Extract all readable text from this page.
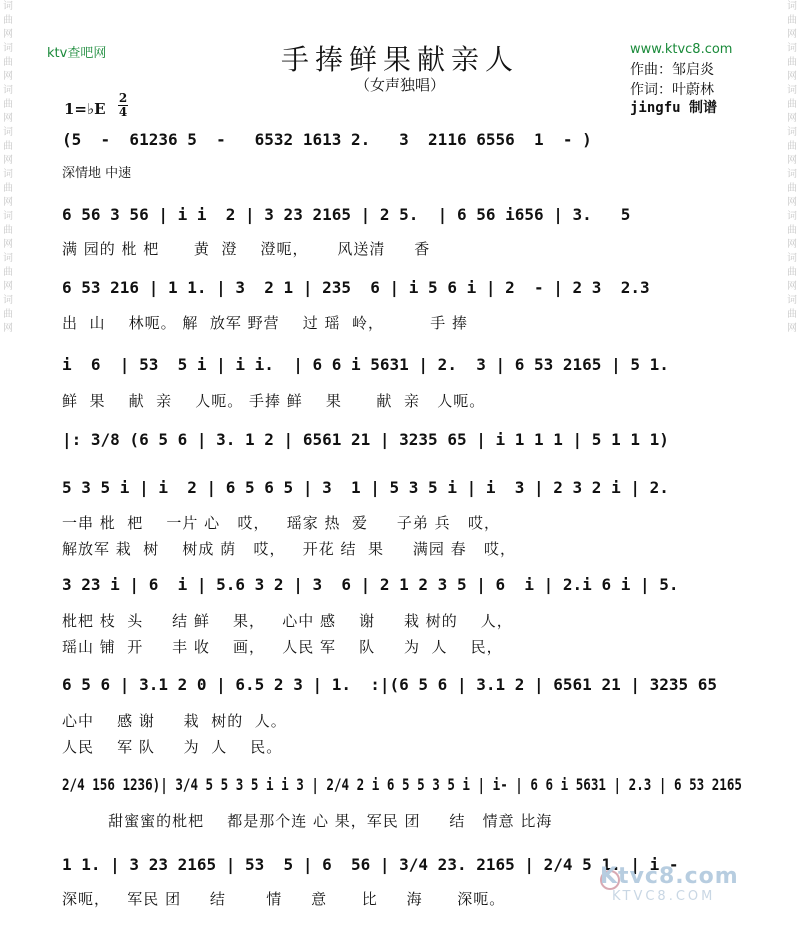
词
曲
网
词
曲
网
词
曲
网
词
曲
网
词
曲
网
词
曲
网
词
曲
网
词
曲
网
词
曲
网
词
曲
网
词
曲
网
词
曲
网
词
曲
网
词
曲
网
词
曲
网
词
曲
网
ktv查吧网	www.ktvc8.com
手捧鲜果献亲人
（女声独唱）
作曲：邹启炎
作词：叶蔚林
jingfu 制谱
1=♭E
2
4
深情地 中速
(5  -  61236 5  -   6532 1613 2.   3  2116 6556  1  - )
6 56 3 56 | i i  2 | 3 23 2165 | 2 5.  | 6 56 i656 | 3.   5
满 园的 枇 杷      黄  澄    澄呃，     风送清     香
6 53 216 | 1 1. | 3  2 1 | 235  6 | i 5 6 i | 2  - | 2 3  2.3
出  山    林呃。 解  放军 野营    过 瑶  岭，        手 捧
i  6  | 53  5 i | i i.  | 6 6 i 5631 | 2.  3 | 6 53 2165 | 5 1.
鲜  果    献  亲    人呃。 手捧 鲜    果      献  亲   人呃。
|: 3/8 (6 5 6 | 3. 1 2 | 6561 21 | 3235 65 | i 1 1 1 | 5 1 1 1)
5 3 5 i | i  2 | 6 5 6 5 | 3  1 | 5 3 5 i | i  3 | 2 3 2 i | 2.
一串 枇  杷    一片 心   哎，   瑶家 热  爱     子弟 兵   哎，
解放军 栽  树    树成 荫   哎，   开花 结  果     满园 春   哎，
3 23 i | 6  i | 5.6 3 2 | 3  6 | 2 1 2 3 5 | 6  i | 2.i 6 i | 5.
枇杷 枝  头     结 鲜    果，   心中 感    谢     栽 树的    人，
瑶山 铺  开     丰 收    画，   人民 军    队     为  人    民，
6 5 6 | 3.1 2 0 | 6.5 2 3 | 1.  :|(6 5 6 | 3.1 2 | 6561 21 | 3235 65
心中    感 谢     栽  树的  人。
人民    军 队     为  人    民。
2/4 156 1236)| 3/4 5 5 3 5 i i 3 | 2/4 2 i 6 5 5 3 5 i | i- | 6 6 i 5631 | 2.3 | 6 53 2165
甜蜜蜜的枇杷    都是那个连 心 果，军民 团     结   情意 比海
1 1. | 3 23 2165 | 53  5 | 6  56 | 3/4 23. 2165 | 2/4 5 1. | i -
深呃，   军民 团     结       情     意      比     海      深呃。
Ktvc8.com
KTVC8.COM
